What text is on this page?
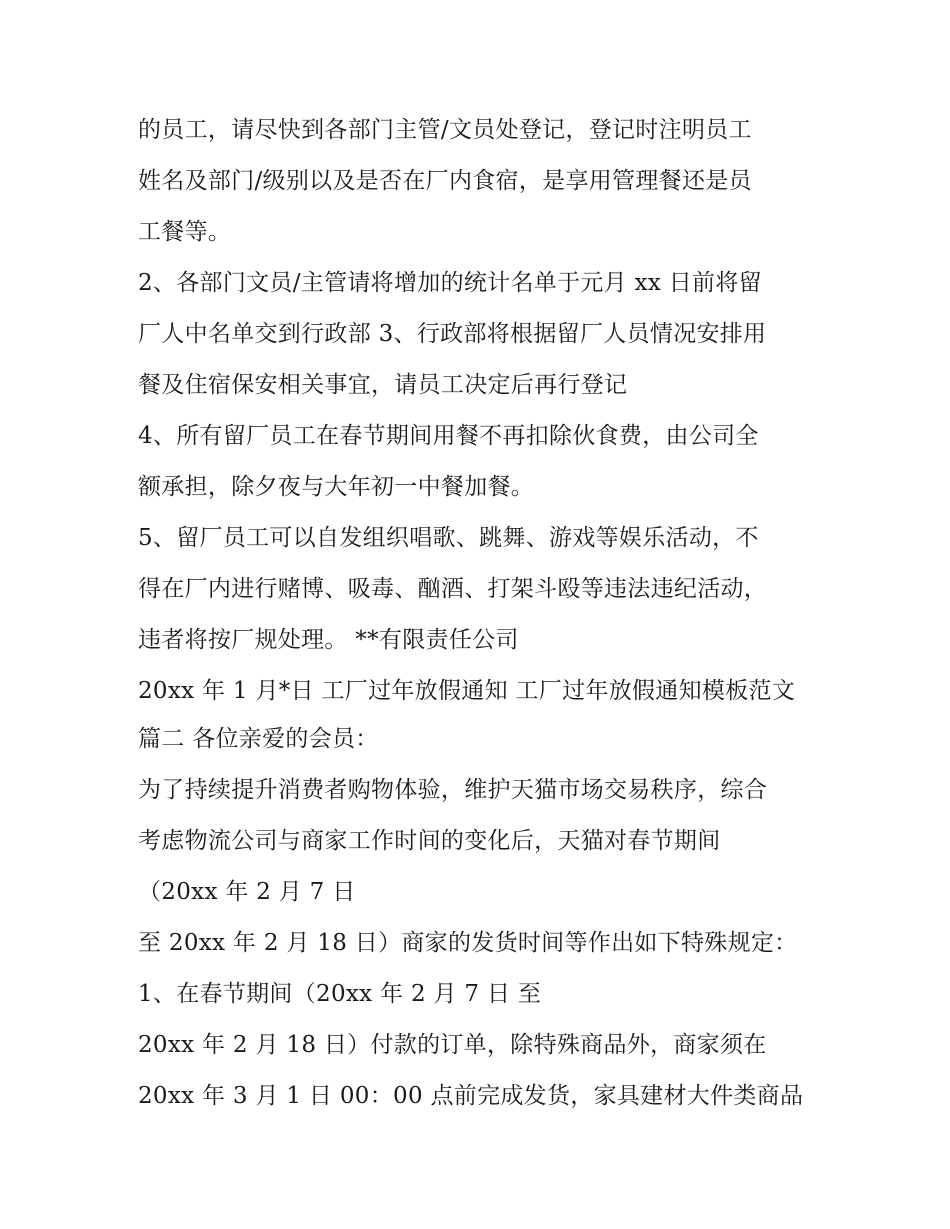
的员工，请尽快到各部门主管/文员处登记，登记时注明员工

姓名及部门/级别以及是否在厂内食宿，是享用管理餐还是员

工餐等。

2、各部门文员/主管请将增加的统计名单于元月 xx 日前将留

厂人中名单交到行政部 3、行政部将根据留厂人员情况安排用

餐及住宿保安相关事宜，请员工决定后再行登记

4、所有留厂员工在春节期间用餐不再扣除伙食费，由公司全

额承担，除夕夜与大年初一中餐加餐。

5、留厂员工可以自发组织唱歌、跳舞、游戏等娱乐活动，不

得在厂内进行赌博、吸毒、酗酒、打架斗殴等违法违纪活动，

违者将按厂规处理。 **有限责任公司

20xx 年 1 月*日 工厂过年放假通知 工厂过年放假通知模板范文

篇二 各位亲爱的会员：

为了持续提升消费者购物体验，维护天猫市场交易秩序，综合

考虑物流公司与商家工作时间的变化后，天猫对春节期间

（20xx 年 2 月 7 日

至 20xx 年 2 月 18 日）商家的发货时间等作出如下特殊规定：

1、在春节期间（20xx 年 2 月 7 日 至

20xx 年 2 月 18 日）付款的订单，除特殊商品外，商家须在

20xx 年 3 月 1 日 00：00 点前完成发货，家具建材大件类商品
